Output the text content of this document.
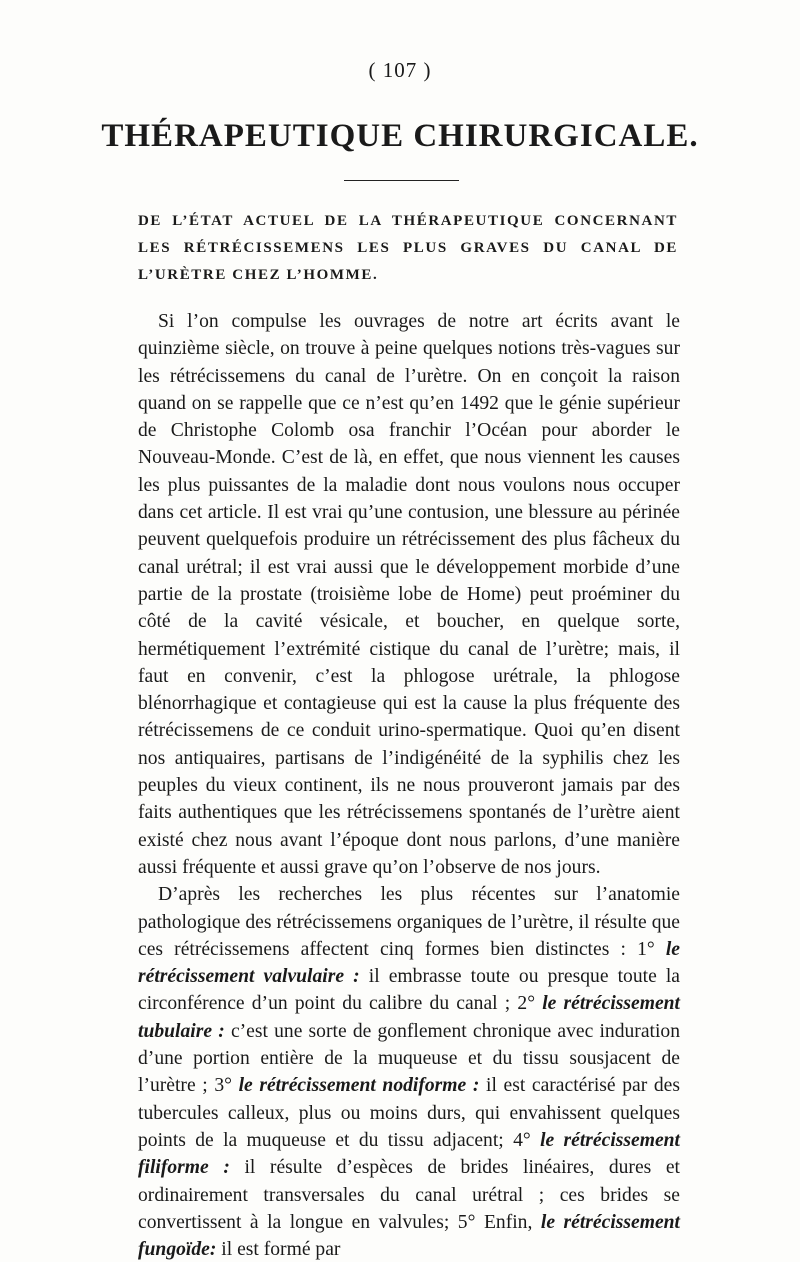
( 107 )
THÉRAPEUTIQUE CHIRURGICALE.
DE L’ÉTAT ACTUEL DE LA THÉRAPEUTIQUE CONCERNANT LES RÉTRÉCISSEMENS LES PLUS GRAVES DU CANAL DE L’URÈTRE CHEZ L’HOMME.

Si l’on compulse les ouvrages de notre art écrits avant le quinzième siècle, on trouve à peine quelques notions très-vagues sur les rétrécissemens du canal de l’urètre. On en conçoit la raison quand on se rappelle que ce n’est qu’en 1492 que le génie supérieur de Christophe Colomb osa franchir l’Océan pour aborder le Nouveau-Monde. C’est de là, en effet, que nous viennent les causes les plus puissantes de la maladie dont nous voulons nous occuper dans cet article. Il est vrai qu’une contusion, une blessure au périnée peuvent quelquefois produire un rétrécissement des plus fâcheux du canal urétral; il est vrai aussi que le développement morbide d’une partie de la prostate (troisième lobe de Home) peut proéminer du côté de la cavité vésicale, et boucher, en quelque sorte, hermétiquement l’extrémité cistique du canal de l’urètre; mais, il faut en convenir, c’est la phlogose urétrale, la phlogose blénorrhagique et contagieuse qui est la cause la plus fréquente des rétrécissemens de ce conduit urino-spermatique. Quoi qu’en disent nos antiquaires, partisans de l’indigénéité de la syphilis chez les peuples du vieux continent, ils ne nous prouveront jamais par des faits authentiques que les rétrécissemens spontanés de l’urètre aient existé chez nous avant l’époque dont nous parlons, d’une manière aussi fréquente et aussi grave qu’on l’observe de nos jours.

D’après les recherches les plus récentes sur l’anatomie pathologique des rétrécissemens organiques de l’urètre, il résulte que ces rétrécissemens affectent cinq formes bien distinctes : 1° le rétrécissement valvulaire : il embrasse toute ou presque toute la circonférence d’un point du calibre du canal ; 2° le rétrécissement tubulaire : c’est une sorte de gonflement chronique avec induration d’une portion entière de la muqueuse et du tissu sousjacent de l’urètre ; 3° le rétrécissement nodiforme : il est caractérisé par des tubercules calleux, plus ou moins durs, qui envahissent quelques points de la muqueuse et du tissu adjacent; 4° le rétrécissement filiforme : il résulte d’espèces de brides linéaires, dures et ordinairement transversales du canal urétral ; ces brides se convertissent à la longue en valvules; 5° Enfin, le rétrécissement fungoïde: il est formé par
